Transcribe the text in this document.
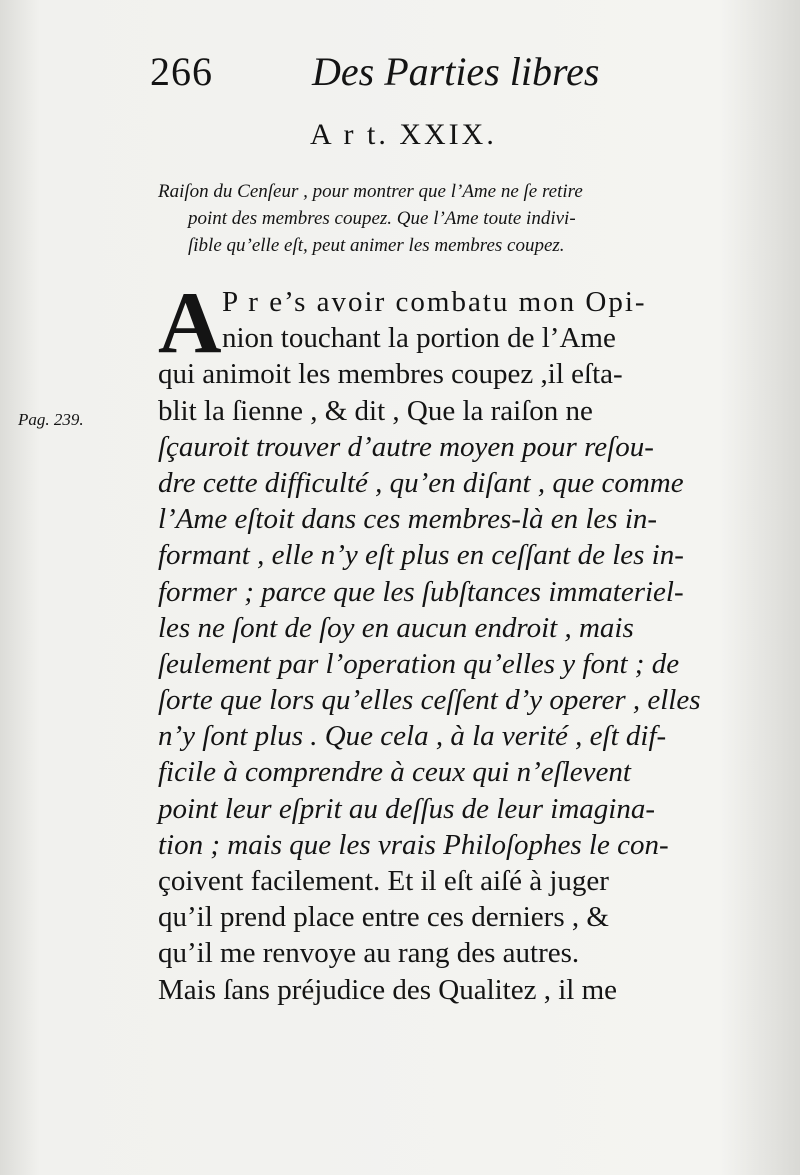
266 Des Parties libres
A r t. XXIX.
Raiſon du Cenſeur , pour montrer que l’Ame ne ſe retire
point des membres coupez. Que l’Ame toute indivi-
ſible qu’elle eſt, peut animer les membres coupez.
Pag. 239.
A P r e’s avoir combatu mon Opi-
nion touchant la portion de l’Ame
qui animoit les membres coupez ,il eſta-
blit la ſienne , & dit , Que la raiſon ne
ſçauroit trouver d’autre moyen pour reſou-
dre cette difficulté , qu’en diſant , que comme
l’Ame eſtoit dans ces membres-là en les in-
formant , elle n’y eſt plus en ceſſant de les in-
former ; parce que les ſubſtances immateriel-
les ne ſont de ſoy en aucun endroit , mais
ſeulement par l’operation qu’elles y font ; de
ſorte que lors qu’elles ceſſent d’y operer , elles
n’y ſont plus . Que cela , à la verité , eſt dif-
ficile à comprendre à ceux qui n’eſlevent
point leur eſprit au deſſus de leur imagina-
tion ; mais que les vrais Philoſophes le con-
çoivent facilement. Et il eſt aiſé à juger
qu’il prend place entre ces derniers , &
qu’il me renvoye au rang des autres.
Mais ſans préjudice des Qualitez , il me
